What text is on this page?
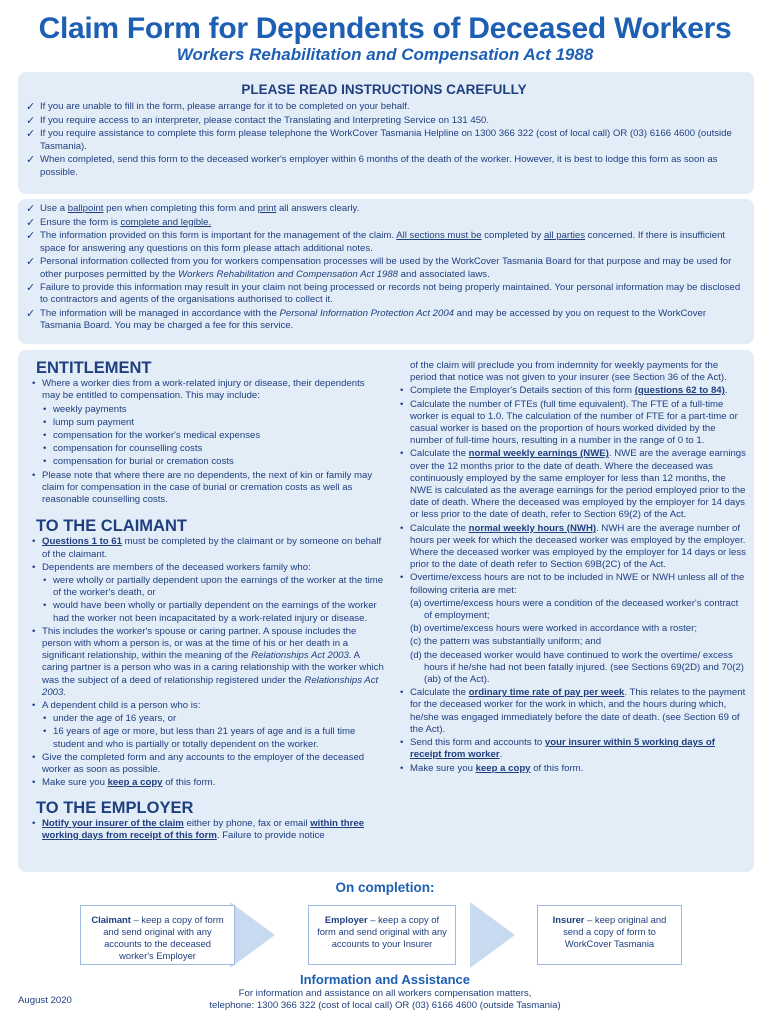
Claim Form for Dependents of Deceased Workers
Workers Rehabilitation and Compensation Act 1988
PLEASE READ INSTRUCTIONS CAREFULLY
✓ If you are unable to fill in the form, please arrange for it to be completed on your behalf.
✓ If you require access to an interpreter, please contact the Translating and Interpreting Service on 131 450.
✓ If you require assistance to complete this form please telephone the WorkCover Tasmania Helpline on 1300 366 322 (cost of local call) OR (03) 6166 4600 (outside Tasmania).
✓ When completed, send this form to the deceased worker's employer within 6 months of the death of the worker. However, it is best to lodge this form as soon as possible.
✓ Use a ballpoint pen when completing this form and print all answers clearly.
✓ Ensure the form is complete and legible.
✓ The information provided on this form is important for the management of the claim. All sections must be completed by all parties concerned. If there is insufficient space for answering any questions on this form please attach additional notes.
✓ Personal information collected from you for workers compensation processes will be used by the WorkCover Tasmania Board for that purpose and may be used for other purposes permitted by the Workers Rehabilitation and Compensation Act 1988 and associated laws.
✓ Failure to provide this information may result in your claim not being processed or records not being properly maintained. Your personal information may be disclosed to contractors and agents of the organisations authorised to collect it.
✓ The information will be managed in accordance with the Personal Information Protection Act 2004 and may be accessed by you on request to the WorkCover Tasmania Board. You may be charged a fee for this service.
ENTITLEMENT
• Where a worker dies from a work-related injury or disease, their dependents may be entitled to compensation. This may include:
• weekly payments
• lump sum payment
• compensation for the worker's medical expenses
• compensation for counselling costs
• compensation for burial or cremation costs
• Please note that where there are no dependents, the next of kin or family may claim for compensation in the case of burial or cremation costs as well as reasonable counselling costs.
TO THE CLAIMANT
• Questions 1 to 61 must be completed by the claimant or by someone on behalf of the claimant.
• Dependents are members of the deceased workers family who:
• were wholly or partially dependent upon the earnings of the worker at the time of the worker's death, or
• would have been wholly or partially dependent on the earnings of the worker had the worker not been incapacitated by a work-related injury or disease.
• This includes the worker's spouse or caring partner. A spouse includes the person with whom a person is, or was at the time of his or her death in a significant relationship, within the meaning of the Relationships Act 2003. A caring partner is a person who was in a caring relationship with the worker which was the subject of a deed of relationship registered under the Relationships Act 2003.
• A dependent child is a person who is:
• under the age of 16 years, or
• 16 years of age or more, but less than 21 years of age and is a full time student and who is partially or totally dependent on the worker.
• Give the completed form and any accounts to the employer of the deceased worker as soon as possible.
• Make sure you keep a copy of this form.
TO THE EMPLOYER
• Notify your insurer of the claim either by phone, fax or email within three working days from receipt of this form. Failure to provide notice
of the claim will preclude you from indemnity for weekly payments for the period that notice was not given to your insurer (see Section 36 of the Act).
• Complete the Employer's Details section of this form (questions 62 to 84).
• Calculate the number of FTEs (full time equivalent). The FTE of a full-time worker is equal to 1.0. The calculation of the number of FTE for a part-time or casual worker is based on the proportion of hours worked divided by the number of full-time hours, resulting in a number in the range of 0 to 1.
• Calculate the normal weekly earnings (NWE). NWE are the average earnings over the 12 months prior to the date of death. Where the deceased was continuously employed by the same employer for less than 12 months, the NWE is calculated as the average earnings for the period employed prior to the date of death. Where the deceased was employed by the employer for 14 days or less prior to the date of death, refer to Section 69(2) of the Act.
• Calculate the normal weekly hours (NWH). NWH are the average number of hours per week for which the deceased worker was employed by the employer. Where the deceased worker was employed by the employer for 14 days or less prior to the date of death refer to Section 69B(2C) of the Act.
• Overtime/excess hours are not to be included in NWE or NWH unless all of the following criteria are met:
(a) overtime/excess hours were a condition of the deceased worker's contract of employment;
(b) overtime/excess hours were worked in accordance with a roster;
(c) the pattern was substantially uniform; and
(d) the deceased worker would have continued to work the overtime/ excess hours if he/she had not been fatally injured. (see Sections 69(2D) and 70(2)(ab) of the Act).
• Calculate the ordinary time rate of pay per week. This relates to the payment for the deceased worker for the work in which, and the hours during which, he/she was engaged immediately before the date of death. (see Section 69 of the Act).
• Send this form and accounts to your insurer within 5 working days of receipt from worker.
• Make sure you keep a copy of this form.
On completion:
Claimant – keep a copy of form and send original with any accounts to the deceased worker's Employer
Employer – keep a copy of form and send original with any accounts to your Insurer
Insurer – keep original and send a copy of form to WorkCover Tasmania
Information and Assistance
For information and assistance on all workers compensation matters,
telephone: 1300 366 322 (cost of local call) OR (03) 6166 4600 (outside Tasmania)
August 2020
